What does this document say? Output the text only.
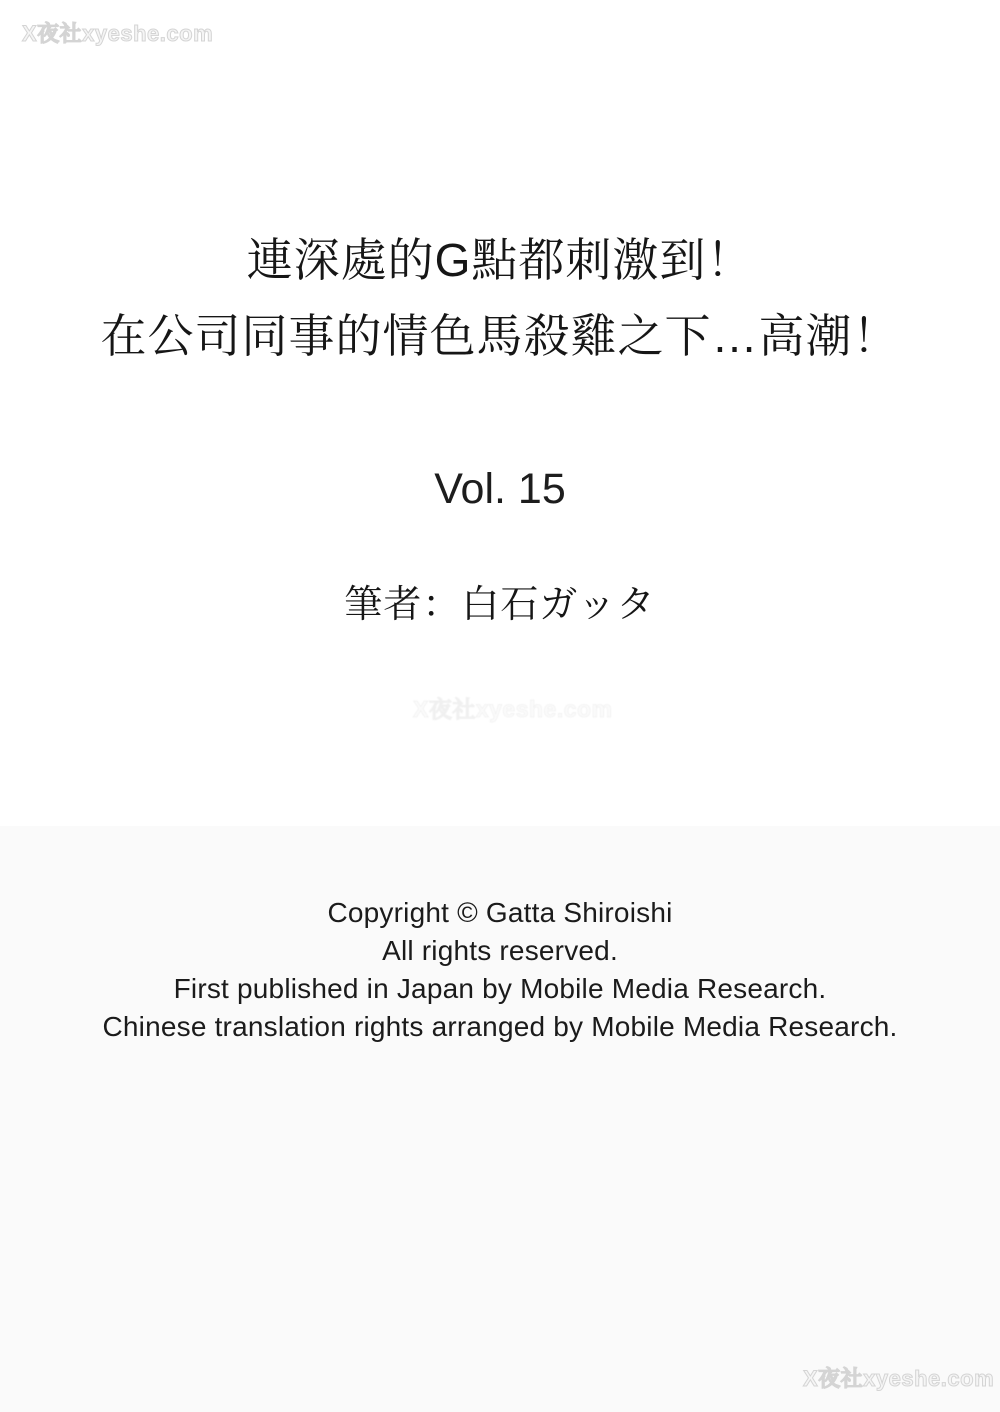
X夜社xyeshe.com
連深處的G點都刺激到！
在公司同事的情色馬殺雞之下…高潮！
Vol. 15
筆者：白石ガッタ
X夜社xyeshe.com
Copyright © Gatta Shiroishi
All rights reserved.
First published in Japan by Mobile Media Research.
Chinese translation rights arranged by Mobile Media Research.
X夜社xyeshe.com
